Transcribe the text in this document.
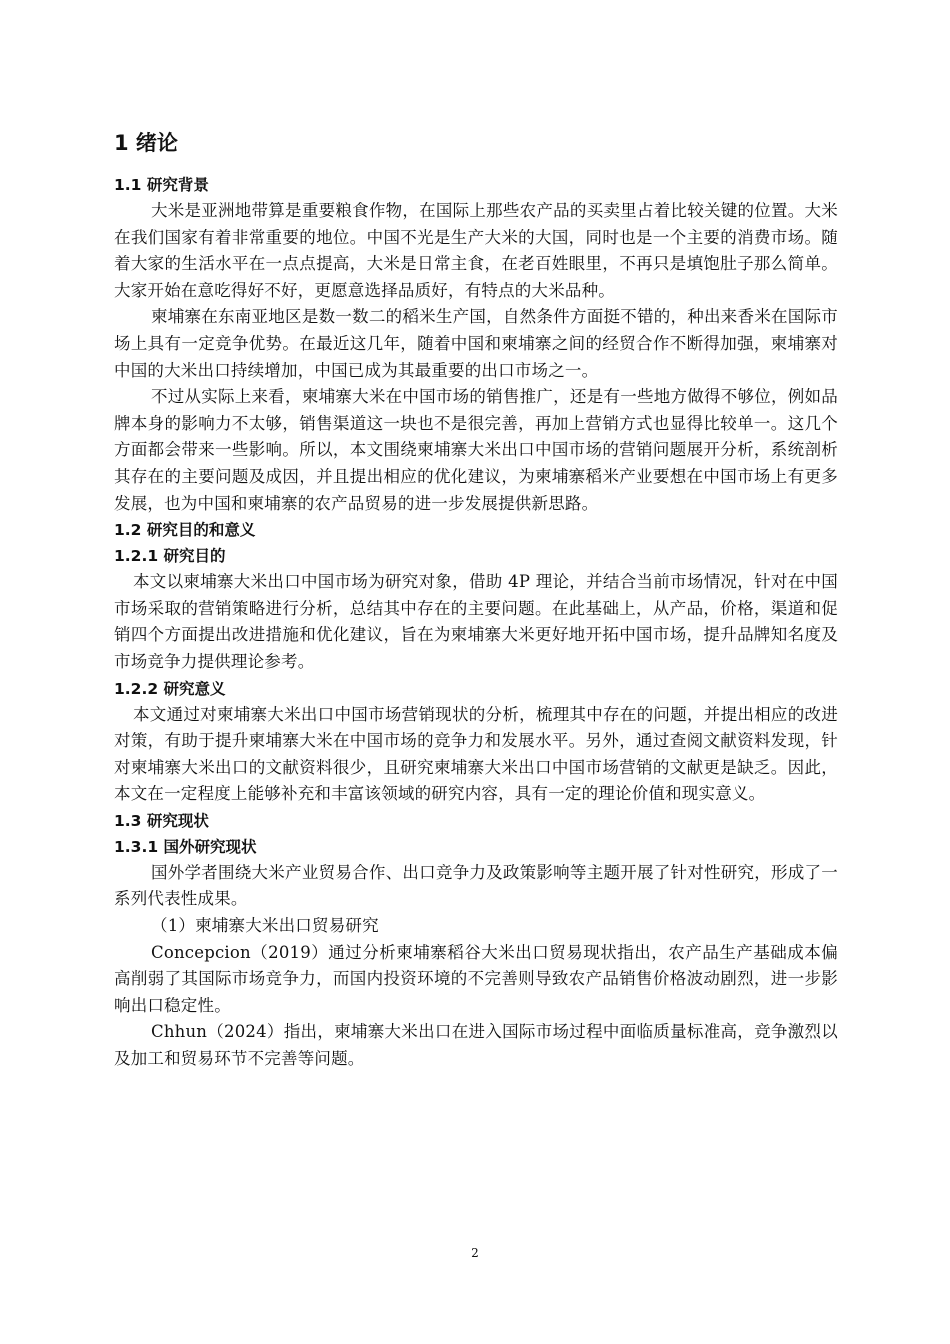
1 绪论
1.1 研究背景

大米是亚洲地带算是重要粮食作物，在国际上那些农产品的买卖里占着比较关键的位置。大米在我们国家有着非常重要的地位。中国不光是生产大米的大国，同时也是一个主要的消费市场。随着大家的生活水平在一点点提高，大米是日常主食，在老百姓眼里，不再只是填饱肚子那么简单。大家开始在意吃得好不好，更愿意选择品质好，有特点的大米品种。

柬埔寨在东南亚地区是数一数二的稻米生产国，自然条件方面挺不错的，种出来香米在国际市场上具有一定竞争优势。在最近这几年，随着中国和柬埔寨之间的经贸合作不断得加强，柬埔寨对中国的大米出口持续增加，中国已成为其最重要的出口市场之一。

不过从实际上来看，柬埔寨大米在中国市场的销售推广，还是有一些地方做得不够位，例如品牌本身的影响力不太够，销售渠道这一块也不是很完善，再加上营销方式也显得比较单一。这几个方面都会带来一些影响。所以，本文围绕柬埔寨大米出口中国市场的营销问题展开分析，系统剖析其存在的主要问题及成因，并且提出相应的优化建议，为柬埔寨稻米产业要想在中国市场上有更多发展，也为中国和柬埔寨的农产品贸易的进一步发展提供新思路。

1.2 研究目的和意义
1.2.1 研究目的

本文以柬埔寨大米出口中国市场为研究对象，借助 4P 理论，并结合当前市场情况，针对在中国市场采取的营销策略进行分析，总结其中存在的主要问题。在此基础上，从产品，价格，渠道和促销四个方面提出改进措施和优化建议，旨在为柬埔寨大米更好地开拓中国市场，提升品牌知名度及市场竞争力提供理论参考。

1.2.2 研究意义

本文通过对柬埔寨大米出口中国市场营销现状的分析，梳理其中存在的问题，并提出相应的改进对策，有助于提升柬埔寨大米在中国市场的竞争力和发展水平。另外，通过查阅文献资料发现，针对柬埔寨大米出口的文献资料很少，且研究柬埔寨大米出口中国市场营销的文献更是缺乏。因此，本文在一定程度上能够补充和丰富该领域的研究内容，具有一定的理论价值和现实意义。

1.3 研究现状
1.3.1 国外研究现状

国外学者围绕大米产业贸易合作、出口竞争力及政策影响等主题开展了针对性研究，形成了一系列代表性成果。

（1）柬埔寨大米出口贸易研究

Concepcion（2019）通过分析柬埔寨稻谷大米出口贸易现状指出，农产品生产基础成本偏高削弱了其国际市场竞争力，而国内投资环境的不完善则导致农产品销售价格波动剧烈，进一步影响出口稳定性。

Chhun（2024）指出，柬埔寨大米出口在进入国际市场过程中面临质量标准高，竞争激烈以及加工和贸易环节不完善等问题。

2
